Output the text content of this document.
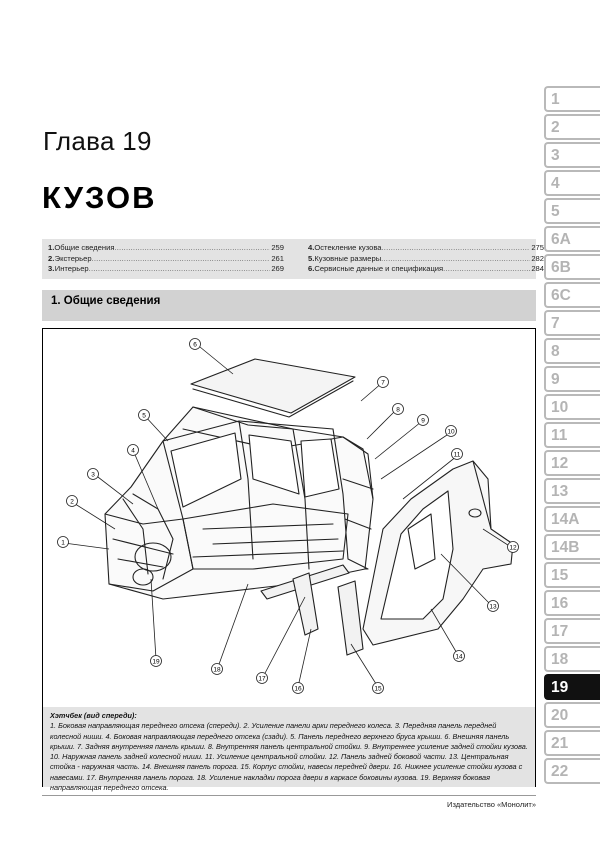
Глава 19
КУЗОВ
1. Общие сведения .....	259
2. Экстерьер .....	261
3. Интерьер .....	269
4. Остекление кузова .....	275
5. Кузовные размеры .....	282
6. Сервисные данные и спецификация .....	284
1. Общие сведения
6
7
8
9
10
11
12
13
14
15
16
17
18
19
5
4
3
2
1
Хэтчбек (вид спереди):
1. Боковая направляющая переднего отсека (спереди). 2. Усиление панели арки переднего колеса. 3. Передняя панель передней колесной ниши. 4. Боковая направляющая переднего отсека (сзади). 5. Панель переднего верхнего бруса крыши. 6. Внешняя панель крыши. 7. Задняя внутренняя панель крыши. 8. Внутренняя панель центральной стойки. 9. Внутреннее усиление задней стойки кузова. 10. Наружная панель задней колесной ниши. 11. Усиление центральной стойки. 12. Панель задней боковой части. 13. Центральная стойка - наружная часть. 14. Внешняя панель порога. 15. Корпус стойки, навесы передней двери. 16. Нижнее усиление стойки кузова с навесами. 17. Внутренняя панель порога. 18. Усиление накладки порога двери в каркасе боковины кузова. 19. Верхняя боковая направляющая переднего отсека.
Издательство «Монолит»
1
2
3
4
5
6A
6B
6C
7
8
9
10
11
12
13
14A
14B
15
16
17
18
19
20
21
22
